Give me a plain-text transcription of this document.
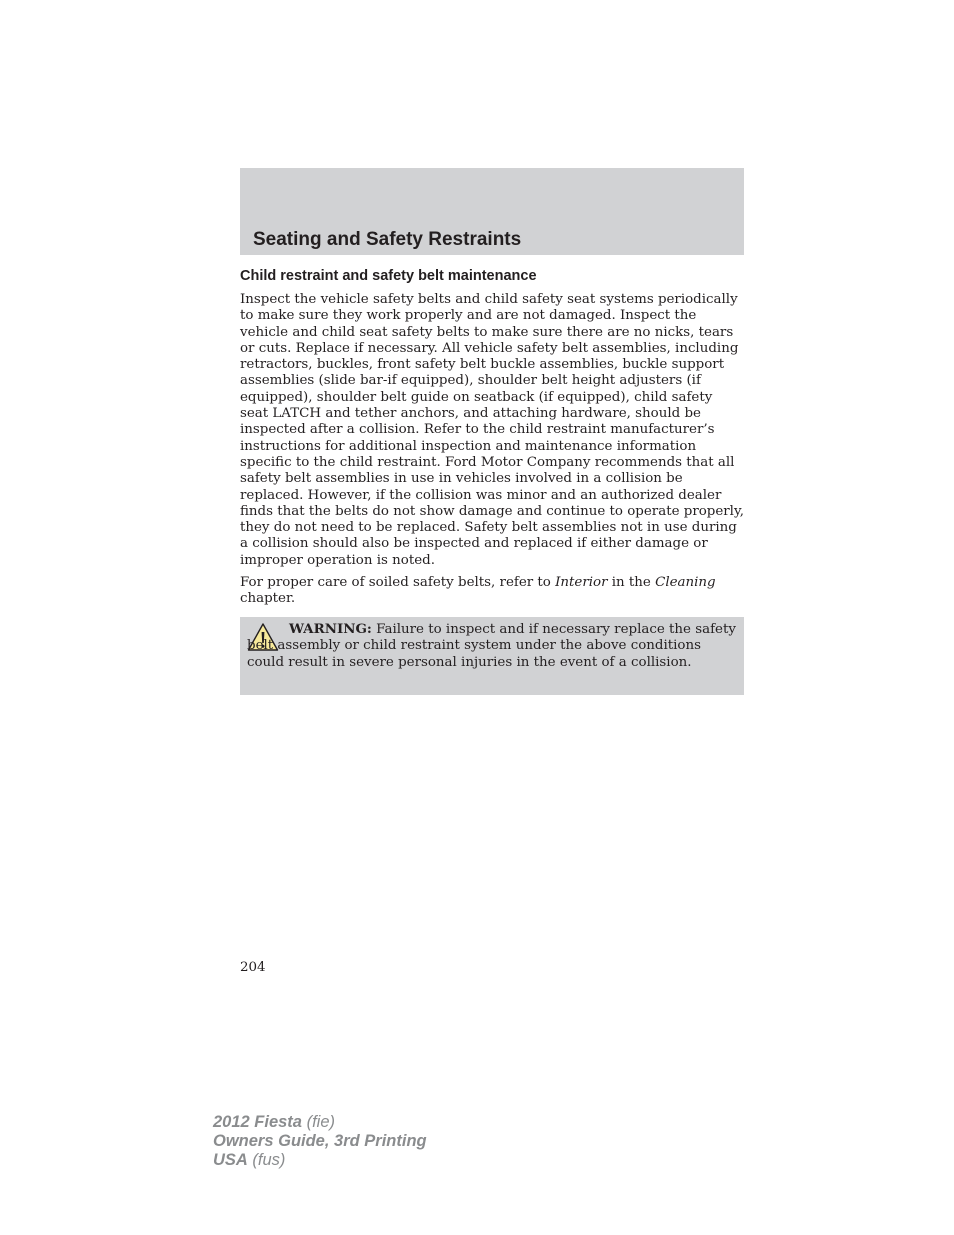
Seating and Safety Restraints
Child restraint and safety belt maintenance

Inspect the vehicle safety belts and child safety seat systems periodically to make sure they work properly and are not damaged. Inspect the vehicle and child seat safety belts to make sure there are no nicks, tears or cuts. Replace if necessary. All vehicle safety belt assemblies, including retractors, buckles, front safety belt buckle assemblies, buckle support assemblies (slide bar-if equipped), shoulder belt height adjusters (if equipped), shoulder belt guide on seatback (if equipped), child safety seat LATCH and tether anchors, and attaching hardware, should be inspected after a collision. Refer to the child restraint manufacturer’s instructions for additional inspection and maintenance information specific to the child restraint. Ford Motor Company recommends that all safety belt assemblies in use in vehicles involved in a collision be replaced. However, if the collision was minor and an authorized dealer finds that the belts do not show damage and continue to operate properly, they do not need to be replaced. Safety belt assemblies not in use during a collision should also be inspected and replaced if either damage or improper operation is noted.

For proper care of soiled safety belts, refer to Interior in the Cleaning chapter.

WARNING: Failure to inspect and if necessary replace the safety belt assembly or child restraint system under the above conditions could result in severe personal injuries in the event of a collision.

204
2012 Fiesta (fie)
Owners Guide, 3rd Printing
USA (fus)
